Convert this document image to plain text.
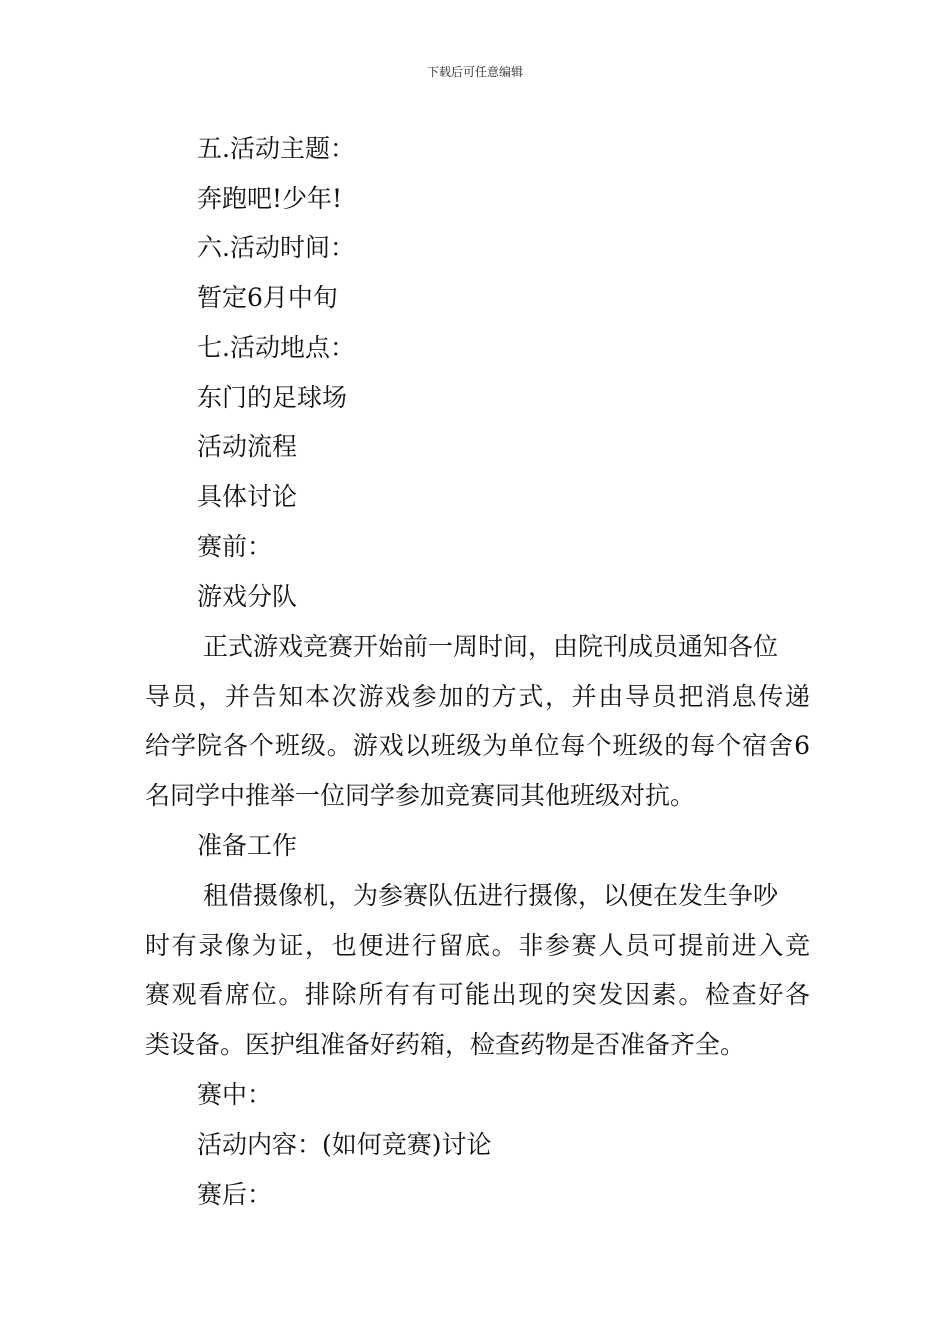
下载后可任意编辑
五.活动主题：
奔跑吧!少年!
六.活动时间：
暂定6月中旬
七.活动地点：
东门的足球场
活动流程
具体讨论
赛前：
游戏分队
正式游戏竞赛开始前一周时间，由院刊成员通知各位
导员，并告知本次游戏参加的方式，并由导员把消息传递
给学院各个班级。游戏以班级为单位每个班级的每个宿舍6
名同学中推举一位同学参加竞赛同其他班级对抗。
准备工作
租借摄像机，为参赛队伍进行摄像，以便在发生争吵
时有录像为证，也便进行留底。非参赛人员可提前进入竞
赛观看席位。排除所有有可能出现的突发因素。检查好各
类设备。医护组准备好药箱，检查药物是否准备齐全。
赛中：
活动内容：(如何竞赛)讨论
赛后：
